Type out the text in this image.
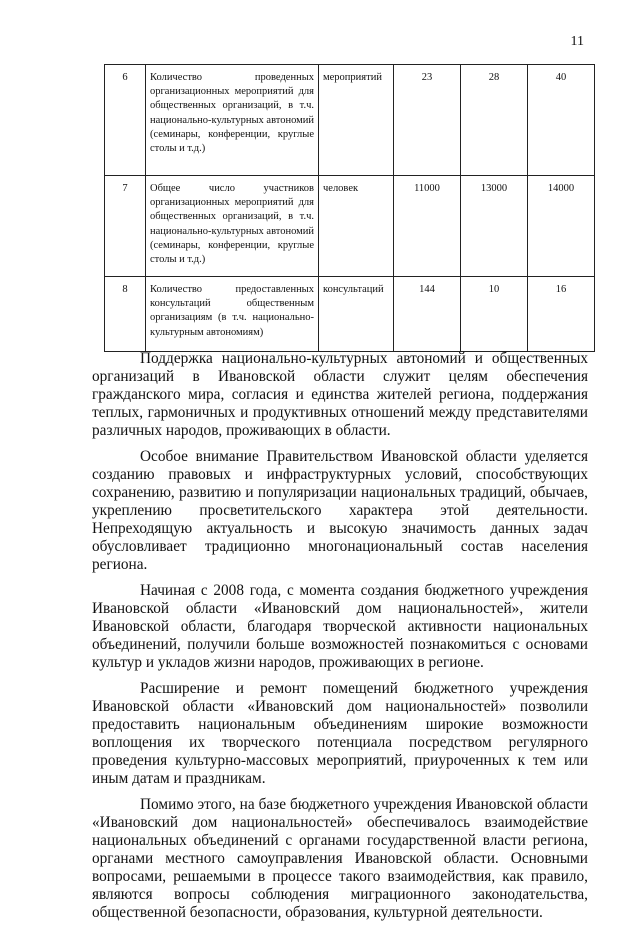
11
6	Количество проведенных организационных мероприятий для общественных организаций, в т.ч. национально-культурных автономий (семинары, конференции, круглые столы и т.д.)	мероприятий	23	28	40
7	Общее число участников организационных мероприятий для общественных организаций, в т.ч. национально-культурных автономий (семинары, конференции, круглые столы и т.д.)	человек	11000	13000	14000
8	Количество предоставленных консультаций общественным организациям (в т.ч. национально-культурным автономиям)	консультаций	144	10	16

Поддержка национально-культурных автономий и общественных организаций в Ивановской области служит целям обеспечения гражданского мира, согласия и единства жителей региона, поддержания теплых, гармоничных и продуктивных отношений между представителями различных народов, проживающих в области.

Особое внимание Правительством Ивановской области уделяется созданию правовых и инфраструктурных условий, способствующих сохранению, развитию и популяризации национальных традиций, обычаев, укреплению просветительского характера этой деятельности. Непреходящую актуальность и высокую значимость данных задач обусловливает традиционно многонациональный состав населения региона.

Начиная с 2008 года, с момента создания бюджетного учреждения Ивановской области «Ивановский дом национальностей», жители Ивановской области, благодаря творческой активности национальных объединений, получили больше возможностей познакомиться с основами культур и укладов жизни народов, проживающих в регионе.

Расширение и ремонт помещений бюджетного учреждения Ивановской области «Ивановский дом национальностей» позволили предоставить национальным объединениям широкие возможности воплощения их творческого потенциала посредством регулярного проведения культурно-массовых мероприятий, приуроченных к тем или иным датам и праздникам.

Помимо этого, на базе бюджетного учреждения Ивановской области «Ивановский дом национальностей» обеспечивалось взаимодействие национальных объединений с органами государственной власти региона, органами местного самоуправления Ивановской области. Основными вопросами, решаемыми в процессе такого взаимодействия, как правило, являются вопросы соблюдения миграционного законодательства, общественной безопасности, образования, культурной деятельности.
